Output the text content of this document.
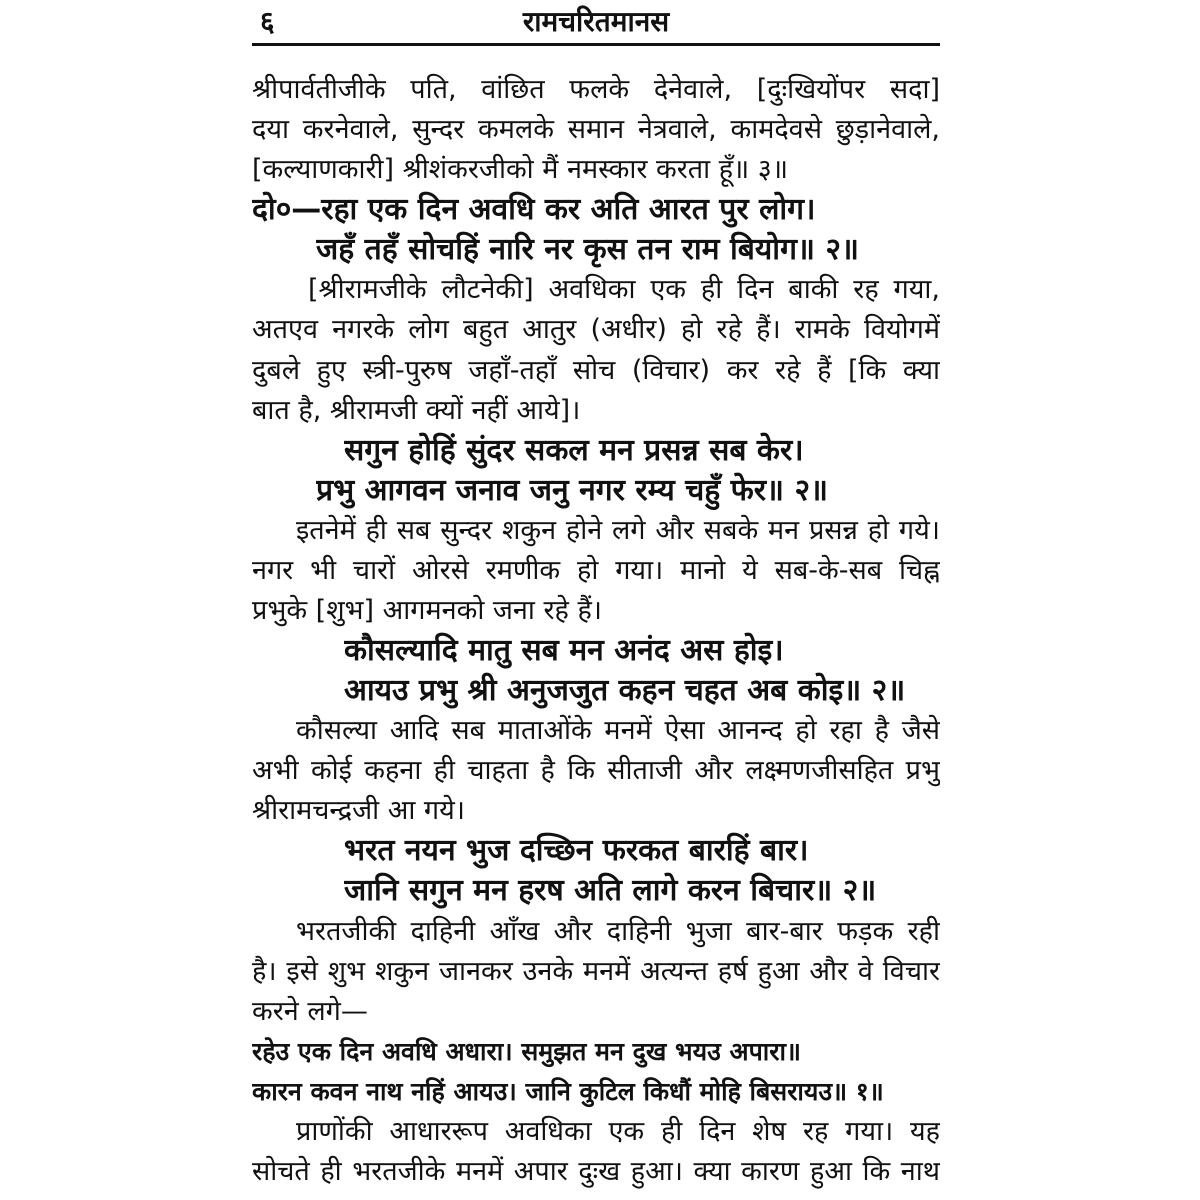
६	रामचरितमानस
श्रीपार्वतीजीके पति, वांछित फलके देनेवाले, [दुःखियोंपर सदा]
दया करनेवाले, सुन्दर कमलके समान नेत्रवाले, कामदेवसे छुड़ानेवाले,
[कल्याणकारी] श्रीशंकरजीको मैं नमस्कार करता हूँ॥ ३॥
दो०—रहा एक दिन अवधि कर अति आरत पुर लोग।
जहँ तहँ सोचहिं नारि नर कृस तन राम बियोग॥ २॥
[श्रीरामजीके लौटनेकी] अवधिका एक ही दिन बाकी रह गया,
अतएव नगरके लोग बहुत आतुर (अधीर) हो रहे हैं। रामके वियोगमें
दुबले हुए स्त्री-पुरुष जहाँ-तहाँ सोच (विचार) कर रहे हैं [कि क्या
बात है, श्रीरामजी क्यों नहीं आये]।
सगुन होहिं सुंदर सकल मन प्रसन्न सब केर।
प्रभु आगवन जनाव जनु नगर रम्य चहुँ फेर॥ २॥
इतनेमें ही सब सुन्दर शकुन होने लगे और सबके मन प्रसन्न हो गये।
नगर भी चारों ओरसे रमणीक हो गया। मानो ये सब-के-सब चिह्न
प्रभुके [शुभ] आगमनको जना रहे हैं।
कौसल्यादि मातु सब मन अनंद अस होइ।
आयउ प्रभु श्री अनुजजुत कहन चहत अब कोइ॥ २॥
कौसल्या आदि सब माताओंके मनमें ऐसा आनन्द हो रहा है जैसे
अभी कोई कहना ही चाहता है कि सीताजी और लक्ष्मणजीसहित प्रभु
श्रीरामचन्द्रजी आ गये।
भरत नयन भुज दच्छिन फरकत बारहिं बार।
जानि सगुन मन हरष अति लागे करन बिचार॥ २॥
भरतजीकी दाहिनी आँख और दाहिनी भुजा बार-बार फड़क रही
है। इसे शुभ शकुन जानकर उनके मनमें अत्यन्त हर्ष हुआ और वे विचार
करने लगे—
रहेउ एक दिन अवधि अधारा। समुझत मन दुख भयउ अपारा॥
कारन कवन नाथ नहिं आयउ। जानि कुटिल किधौं मोहि बिसरायउ॥ १॥
प्राणोंकी आधाररूप अवधिका एक ही दिन शेष रह गया। यह
सोचते ही भरतजीके मनमें अपार दुःख हुआ। क्या कारण हुआ कि नाथ
